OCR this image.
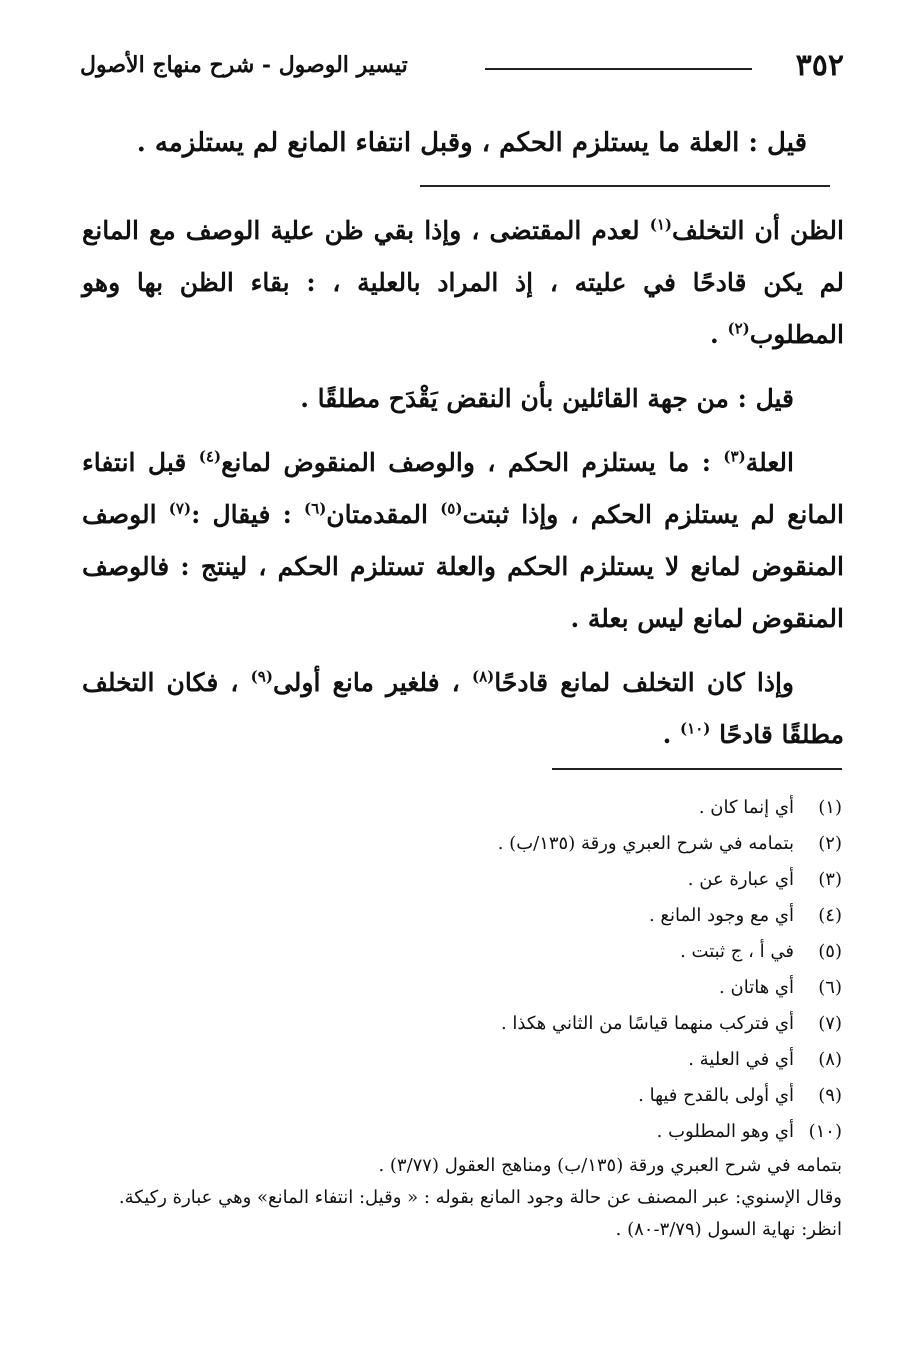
٣٥٢
تيسير الوصول - شرح منهاج الأصول
قيل : العلة ما يستلزم الحكم ، وقبل انتفاء المانع لم يستلزمه .

الظن أن التخلف$^{(١)}$ لعدم المقتضى ، وإذا بقي ظن علية الوصف مع المانع لم يكن قادحًا في عليته ، إذ المراد بالعلية ، : بقاء الظن بها وهو المطلوب$^{(٢)}$ .

قيل : من جهة القائلين بأن النقض يَقْدَح مطلقًا .

العلة$^{(٣)}$ : ما يستلزم الحكم ، والوصف المنقوض لمانع$^{(٤)}$ قبل انتفاء المانع لم يستلزم الحكم ، وإذا ثبتت$^{(٥)}$ المقدمتان$^{(٦)}$ : فيقال :$^{(٧)}$ الوصف المنقوض لمانع لا يستلزم الحكم والعلة تستلزم الحكم ، لينتج : فالوصف المنقوض لمانع ليس بعلة .

وإذا كان التخلف لمانع قادحًا$^{(٨)}$ ، فلغير مانع أولى$^{(٩)}$ ، فكان التخلف مطلقًا قادحًا $^{(١٠)}$ .

(١)أي إنما كان .
(٢)بتمامه في شرح العبري ورقة (١٣٥/ب) .
(٣)أي عبارة عن .
(٤)أي مع وجود المانع .
(٥)في أ ، ج ثبتت .
(٦)أي هاتان .
(٧)أي فتركب منهما قياسًا من الثاني هكذا .
(٨)أي في العلية .
(٩)أي أولى بالقدح فيها .
(١٠)أي وهو المطلوب .
بتمامه في شرح العبري ورقة (١٣٥/ب) ومناهج العقول (٣/٧٧) .
وقال الإسنوي: عبر المصنف عن حالة وجود المانع بقوله : « وقيل: انتفاء المانع» وهي عبارة ركيكة.
انظر: نهاية السول (٣/٧٩-٨٠) .
